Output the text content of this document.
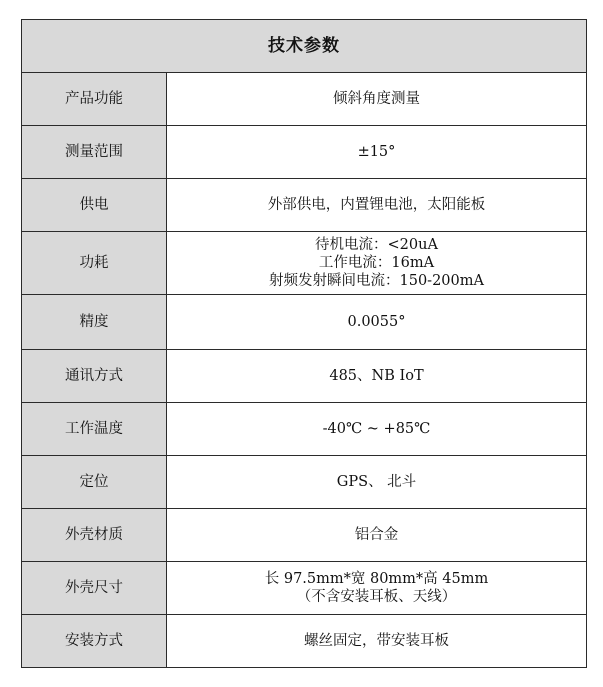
技术参数	
产品功能	倾斜角度测量

测量范围	±15°

供电	外部供电，内置锂电池，太阳能板

功耗	待机电流：<20uA
工作电流：16mA
射频发射瞬间电流：150-200mA

精度	0.0055°

通讯方式	485、NB IoT

工作温度	-40℃ ~ +85℃

定位	GPS、 北斗

外壳材质	铝合金

外壳尺寸	长 97.5mm*宽 80mm*高 45mm
（不含安装耳板、天线）

安装方式	螺丝固定，带安装耳板
